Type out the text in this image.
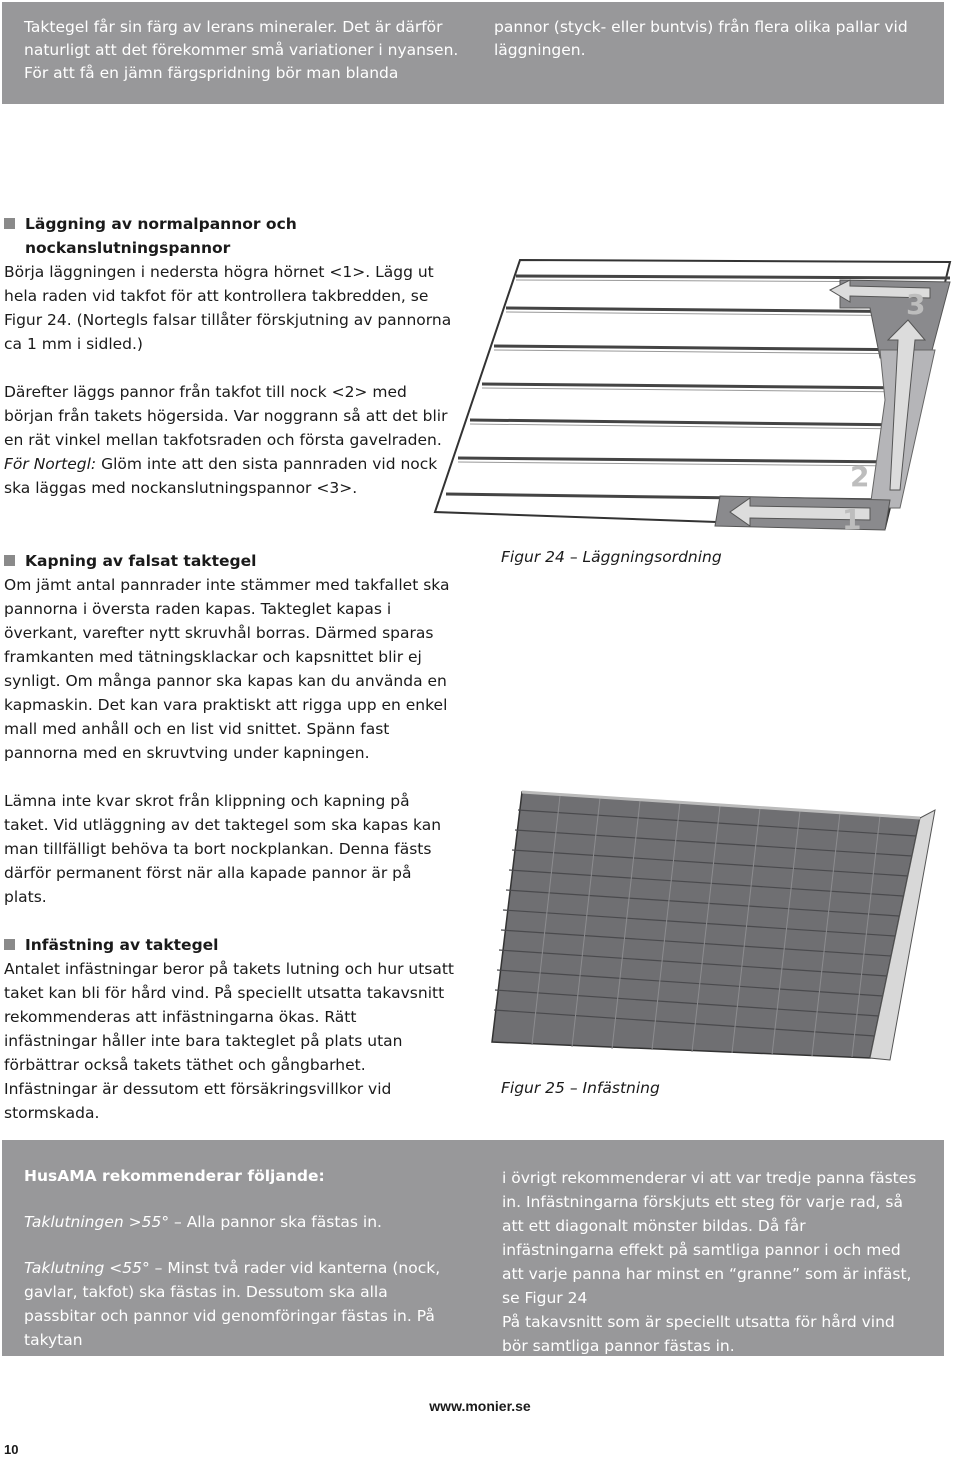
Taktegel får sin färg av lerans mineraler. Det är därför naturligt att det förekommer små variationer i nyansen. För att få en jämn färgspridning bör man blanda
pannor (styck- eller buntvis) från flera olika pallar vid läggningen.
Läggning av normalpannor och nockanslutningspannor

Börja läggningen i nedersta högra hörnet <1>. Lägg ut hela raden vid takfot för att kontrollera takbredden, se Figur 24. (Nortegls falsar tillåter förskjutning av pannorna ca 1 mm i sidled.)

Därefter läggs pannor från takfot till nock <2> med början från takets högersida. Var noggrann så att det blir en rät vinkel mellan takfotsraden och första gavelraden.

För Nortegl: Glöm inte att den sista pannraden vid nock ska läggas med nockanslutningspannor <3>.

1
2
3
Figur 24 – Läggningsordning
Kapning av falsat taktegel

Om jämt antal pannrader inte stämmer med takfallet ska pannorna i översta raden kapas. Takteglet kapas i överkant, varefter nytt skruvhål borras. Därmed sparas framkanten med tätningsklackar och kapsnittet blir ej synligt. Om många pannor ska kapas kan du använda en kapmaskin. Det kan vara praktiskt att rigga upp en enkel mall med anhåll och en list vid snittet. Spänn fast pannorna med en skruvtving under kapningen.

Lämna inte kvar skrot från klippning och kapning på taket. Vid utläggning av det taktegel som ska kapas kan man tillfälligt behöva ta bort nockplankan. Denna fästs därför permanent först när alla kapade pannor är på plats.

Figur 25 – Infästning
Infästning av taktegel

Antalet infästningar beror på takets lutning och hur utsatt taket kan bli för hård vind. På speciellt utsatta takavsnitt rekommenderas att infästningarna ökas. Rätt infästningar håller inte bara takteglet på plats utan förbättrar också takets täthet och gångbarhet. Infästningar är dessutom ett försäkringsvillkor vid stormskada.

HusAMA rekommenderar följande:

Taklutningen >55° – Alla pannor ska fästas in.

Taklutning <55° – Minst två rader vid kanterna (nock, gavlar, takfot) ska fästas in. Dessutom ska alla passbitar och pannor vid genomföringar fästas in. På takytan

i övrigt rekommenderar vi att var tredje panna fästes in. Infästningarna förskjuts ett steg för varje rad, så att ett diagonalt mönster bildas. Då får infästningarna effekt på samtliga pannor i och med att varje panna har minst en “granne” som är infäst, se Figur 24

På takavsnitt som är speciellt utsatta för hård vind bör samtliga pannor fästas in.

www.monier.se
10
